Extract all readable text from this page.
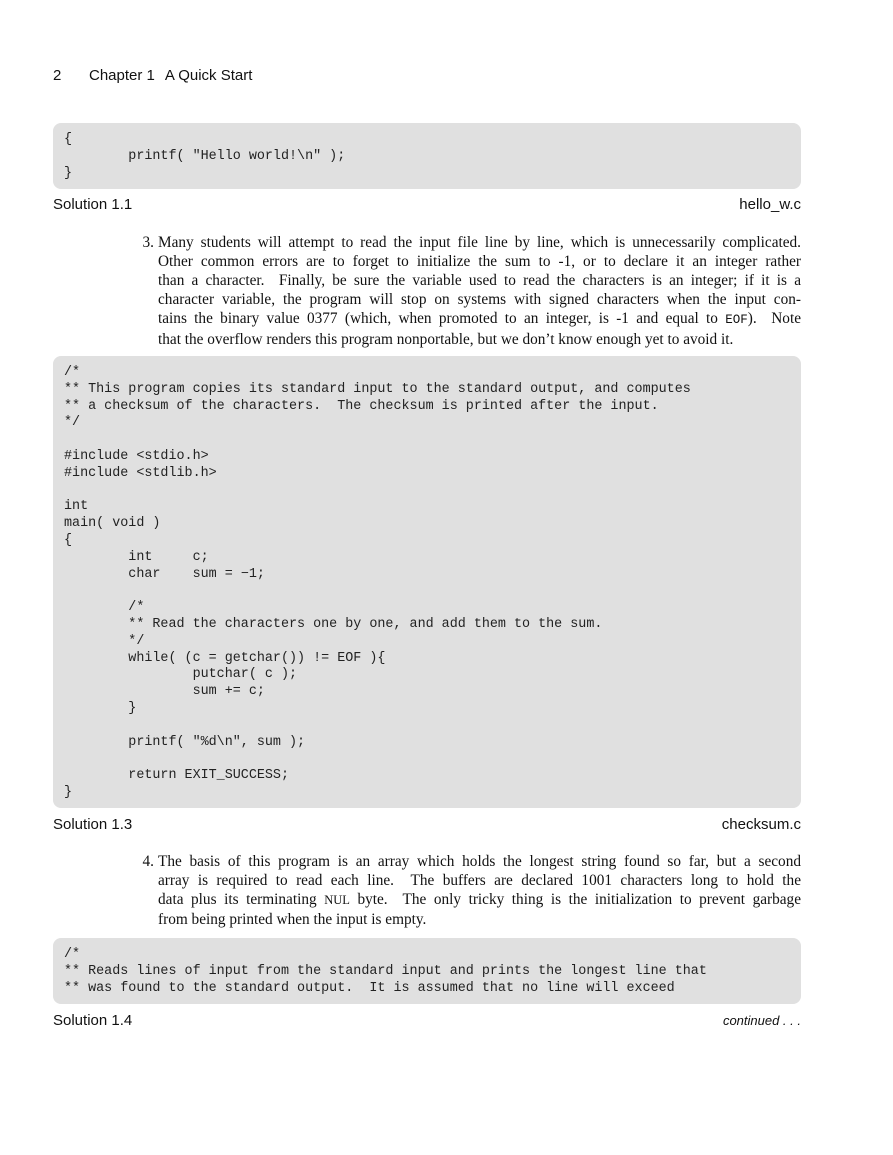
2 Chapter 1 A Quick Start
{
printf( "Hello world!\n" );
}
Solution 1.1	hello_w.c
3. Many students will attempt to read the input file line by line, which is unnecessarily complicated.
Other common errors are to forget to initialize the sum to -1, or to declare it an integer rather
than a character.  Finally, be sure the variable used to read the characters is an integer; if it is a
character variable, the program will stop on systems with signed characters when the input con-
tains the binary value 0377 (which, when promoted to an integer, is -1 and equal to EOF).  Note
that the overflow renders this program nonportable, but we don’t know enough yet to avoid it.
/*
** This program copies its standard input to the standard output, and computes
** a checksum of the characters.  The checksum is printed after the input.
*/
#include <stdio.h>
#include <stdlib.h>
int
main( void )
{
int     c;
char    sum = −1;
/*
** Read the characters one by one, and add them to the sum.
*/
while( (c = getchar()) != EOF ){
putchar( c );
sum += c;
}
printf( "%d\n", sum );
return EXIT_SUCCESS;
}
Solution 1.3	checksum.c
4. The basis of this program is an array which holds the longest string found so far, but a second
array is required to read each line.  The buffers are declared 1001 characters long to hold the
data plus its terminating NUL byte.  The only tricky thing is the initialization to prevent garbage
from being printed when the input is empty.
/*
** Reads lines of input from the standard input and prints the longest line that
** was found to the standard output.  It is assumed that no line will exceed
Solution 1.4	continued . . .
